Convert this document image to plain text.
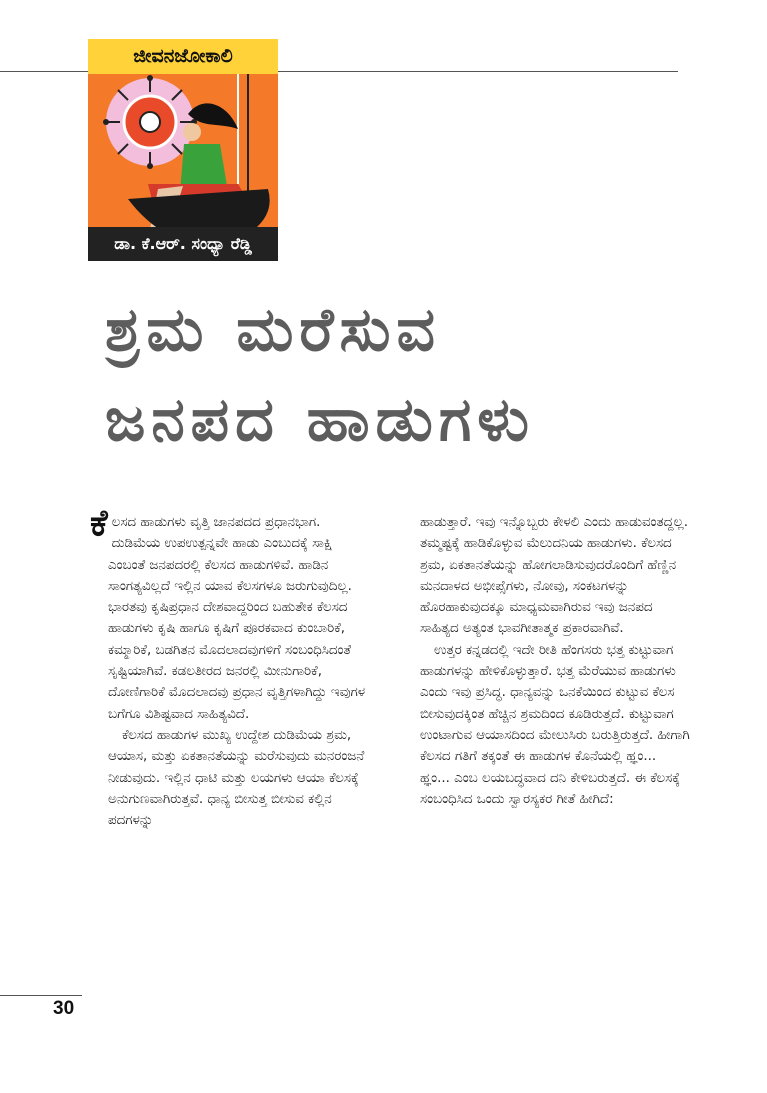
ಜೀವನಜೋಕಾಲಿ
ಡಾ. ಕೆ.ಆರ್. ಸಂಧ್ಯಾ ರೆಡ್ಡಿ
ಶ್ರಮ ಮರೆಸುವ
ಜನಪದ ಹಾಡುಗಳು

ಕೆಲಸದ ಹಾಡುಗಳು ವೃತ್ತಿ ಜಾನಪದದ ಪ್ರಧಾನಭಾಗ. ದುಡಿಮೆಯ ಉಪಉತ್ಪನ್ನವೇ ಹಾಡು ಎಂಬುದಕ್ಕೆ ಸಾಕ್ಷಿ ಎಂಬಂತೆ ಜನಪದರಲ್ಲಿ ಕೆಲಸದ ಹಾಡುಗಳಿವೆ. ಹಾಡಿನ ಸಾಂಗತ್ಯವಿಲ್ಲದೆ ಇಲ್ಲಿನ ಯಾವ ಕೆಲಸಗಳೂ ಜರುಗುವುದಿಲ್ಲ. ಭಾರತವು ಕೃಷಿಪ್ರಧಾನ ದೇಶವಾದ್ದರಿಂದ ಬಹುತೇಕ ಕೆಲಸದ ಹಾಡುಗಳು ಕೃಷಿ ಹಾಗೂ ಕೃಷಿಗೆ ಪೂರಕವಾದ ಕುಂಬಾರಿಕೆ, ಕಮ್ಮಾರಿಕೆ, ಬಡಗಿತನ ಮೊದಲಾದವುಗಳಿಗೆ ಸಂಬಂಧಿಸಿದಂತೆ ಸೃಷ್ಟಿಯಾಗಿವೆ. ಕಡಲತೀರದ ಜನರಲ್ಲಿ ಮೀನುಗಾರಿಕೆ, ದೋಣಿಗಾರಿಕೆ ಮೊದಲಾದವು ಪ್ರಧಾನ ವೃತ್ತಿಗಳಾಗಿದ್ದು ಇವುಗಳ ಬಗೆಗೂ ವಿಶಿಷ್ಟವಾದ ಸಾಹಿತ್ಯವಿದೆ.

ಕೆಲಸದ ಹಾಡುಗಳ ಮುಖ್ಯ ಉದ್ದೇಶ ದುಡಿಮೆಯ ಶ್ರಮ, ಆಯಾಸ, ಮತ್ತು ಏಕತಾನತೆಯನ್ನು ಮರೆಸುವುದು ಮನರಂಜನೆ ನೀಡುವುದು. ಇಲ್ಲಿನ ಧಾಟಿ ಮತ್ತು ಲಯಗಳು ಆಯಾ ಕೆಲಸಕ್ಕೆ ಅನುಗುಣವಾಗಿರುತ್ತವೆ. ಧಾನ್ಯ ಬೀಸುತ್ತ ಬೀಸುವ ಕಲ್ಲಿನ ಪದಗಳನ್ನು

ಹಾಡುತ್ತಾರೆ. ಇವು ಇನ್ನೊಬ್ಬರು ಕೇಳಲಿ ಎಂದು ಹಾಡುವಂತದ್ದಲ್ಲ. ತಮ್ಮಷ್ಟಕ್ಕೆ ಹಾಡಿಕೊಳ್ಳುವ ಮೆಲುದನಿಯ ಹಾಡುಗಳು. ಕೆಲಸದ ಶ್ರಮ, ಏಕತಾನತೆಯನ್ನು ಹೋಗಲಾಡಿಸುವುದರೊಂದಿಗೆ ಹೆಣ್ಣಿನ ಮನದಾಳದ ಅಭೀಪ್ಸೆಗಳು, ನೋವು, ಸಂಕಟಗಳನ್ನು ಹೊರಹಾಕುವುದಕ್ಕೂ ಮಾಧ್ಯಮವಾಗಿರುವ ಇವು ಜನಪದ ಸಾಹಿತ್ಯದ ಅತ್ಯಂತ ಭಾವಗೀತಾತ್ಮಕ ಪ್ರಕಾರವಾಗಿವೆ.

ಉತ್ತರ ಕನ್ನಡದಲ್ಲಿ ಇದೇ ರೀತಿ ಹೆಂಗಸರು ಭತ್ತ ಕುಟ್ಟುವಾಗ ಹಾಡುಗಳನ್ನು ಹೇಳಿಕೊಳ್ಳುತ್ತಾರೆ. ಭತ್ತ ಮೆರೆಯುವ ಹಾಡುಗಳು ಎಂದು ಇವು ಪ್ರಸಿದ್ಧ. ಧಾನ್ಯವನ್ನು ಒನಕೆಯಿಂದ ಕುಟ್ಟುವ ಕೆಲಸ ಬೀಸುವುದಕ್ಕಿಂತ ಹೆಚ್ಚಿನ ಶ್ರಮದಿಂದ ಕೂಡಿರುತ್ತದೆ. ಕುಟ್ಟುವಾಗ ಉಂಟಾಗುವ ಆಯಾಸದಿಂದ ಮೇಲುಸಿರು ಬರುತ್ತಿರುತ್ತದೆ. ಹೀಗಾಗಿ ಕೆಲಸದ ಗತಿಗೆ ತಕ್ಕಂತೆ ಈ ಹಾಡುಗಳ ಕೊನೆಯಲ್ಲಿ ಹ್ಞಂ... ಹ್ಞಂ... ಎಂಬ ಲಯಬದ್ಧವಾದ ದನಿ ಕೇಳಿಬರುತ್ತದೆ. ಈ ಕೆಲಸಕ್ಕೆ ಸಂಬಂಧಿಸಿದ ಒಂದು ಸ್ವಾರಸ್ಯಕರ ಗೀತೆ ಹೀಗಿದೆ:

30
